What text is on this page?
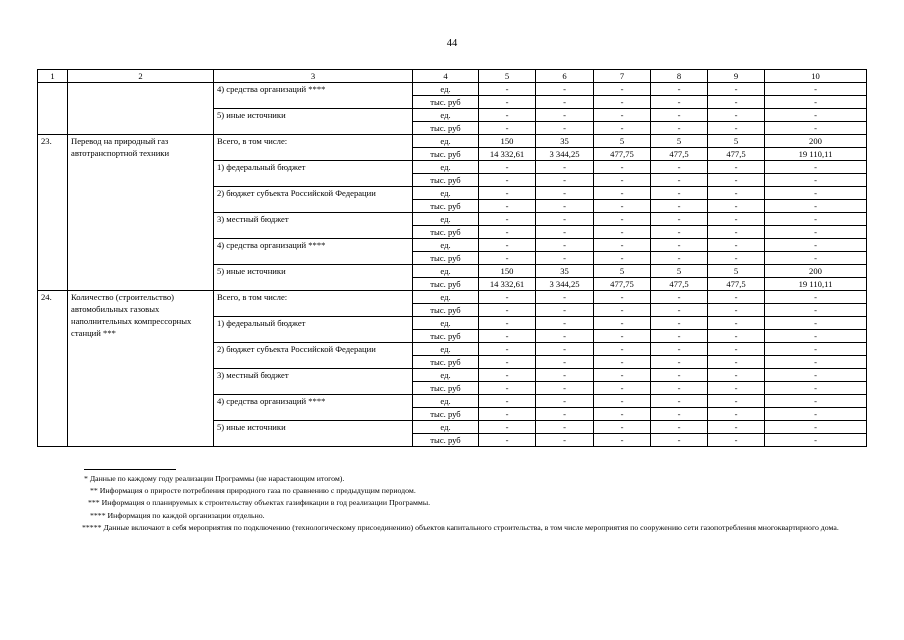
44
1	2	3	4	5	6	7	8	9	10
		4) средства организаций ****	ед.	-	-	-	-	-	-
			тыс. руб	-	-	-	-	-	-
		5) иные источники	ед.	-	-	-	-	-	-
			тыс. руб	-	-	-	-	-	-
23.	Перевод на природный газ автотранспортной техники	Всего, в том числе:	ед.	150	35	5	5	5	200
			тыс. руб	14 332,61	3 344,25	477,75	477,5	477,5	19 110,11
		1) федеральный бюджет	ед.	-	-	-	-	-	-
			тыс. руб	-	-	-	-	-	-
		2) бюджет субъекта Российской Федерации	ед.	-	-	-	-	-	-
			тыс. руб	-	-	-	-	-	-
		3) местный бюджет	ед.	-	-	-	-	-	-
			тыс. руб	-	-	-	-	-	-
		4) средства организаций ****	ед.	-	-	-	-	-	-
			тыс. руб	-	-	-	-	-	-
		5) иные источники	ед.	150	35	5	5	5	200
			тыс. руб	14 332,61	3 344,25	477,75	477,5	477,5	19 110,11
24.	Количество (строительство) автомобильных газовых наполнительных компрессорных станций ***	Всего, в том числе:	ед.	-	-	-	-	-	-
			тыс. руб	-	-	-	-	-	-
		1) федеральный бюджет	ед.	-	-	-	-	-	-
			тыс. руб	-	-	-	-	-	-
		2) бюджет субъекта Российской Федерации	ед.	-	-	-	-	-	-
			тыс. руб	-	-	-	-	-	-
		3) местный бюджет	ед.	-	-	-	-	-	-
			тыс. руб	-	-	-	-	-	-
		4) средства организаций ****	ед.	-	-	-	-	-	-
			тыс. руб	-	-	-	-	-	-
		5) иные источники	ед.	-	-	-	-	-	-
			тыс. руб	-	-	-	-	-	-
* Данные по каждому году реализации Программы (не нарастающим итогом).
** Информация о приросте потребления природного газа по сравнению с предыдущим периодом.
*** Информация о планируемых к строительству объектах газификации в год реализации Программы.
**** Информация по каждой организации отдельно.
***** Данные включают в себя мероприятия по подключению (технологическому присоединению) объектов капитального строительства, в том числе мероприятия по сооружению сети газопотребления многоквартирного дома.
